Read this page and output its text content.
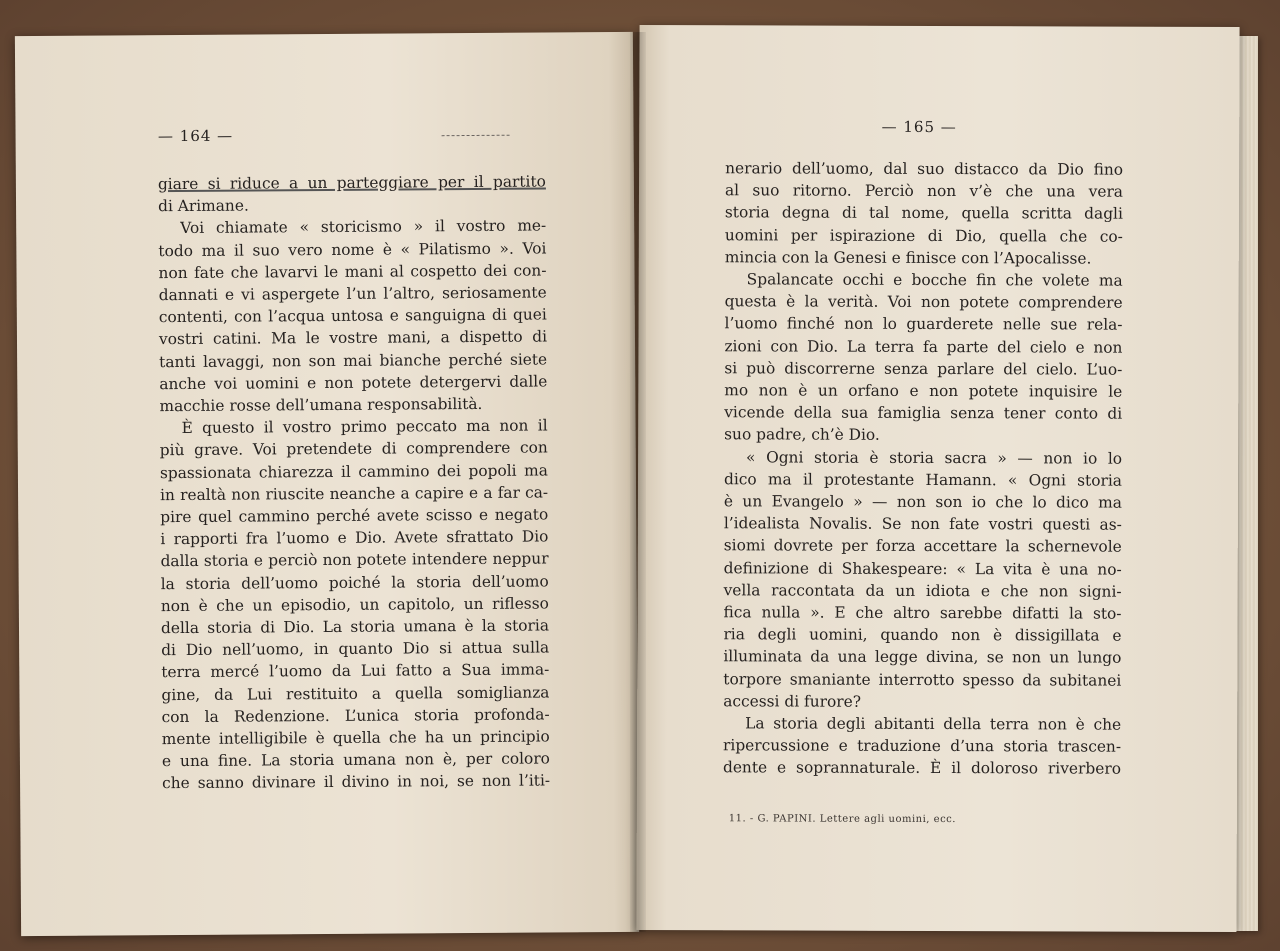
— 164 —
giare si riduce a un parteggiare per il partito
di Arimane.
Voi chiamate « storicismo » il vostro me-
todo ma il suo vero nome è « Pilatismo ». Voi
non fate che lavarvi le mani al cospetto dei con-
dannati e vi aspergete l’un l’altro, seriosamente
contenti, con l’acqua untosa e sanguigna di quei
vostri catini. Ma le vostre mani, a dispetto di
tanti lavaggi, non son mai bianche perché siete
anche voi uomini e non potete detergervi dalle
macchie rosse dell’umana responsabilità.
È questo il vostro primo peccato ma non il
più grave. Voi pretendete di comprendere con
spassionata chiarezza il cammino dei popoli ma
in realtà non riuscite neanche a capire e a far ca-
pire quel cammino perché avete scisso e negato
i rapporti fra l’uomo e Dio. Avete sfrattato Dio
dalla storia e perciò non potete intendere neppur
la storia dell’uomo poiché la storia dell’uomo
non è che un episodio, un capitolo, un riflesso
della storia di Dio. La storia umana è la storia
di Dio nell’uomo, in quanto Dio si attua sulla
terra mercé l’uomo da Lui fatto a Sua imma-
gine, da Lui restituito a quella somiglianza
con la Redenzione. L’unica storia profonda-
mente intelligibile è quella che ha un principio
e una fine. La storia umana non è, per coloro
che sanno divinare il divino in noi, se non l’iti-
— 165 —
nerario dell’uomo, dal suo distacco da Dio fino
al suo ritorno. Perciò non v’è che una vera
storia degna di tal nome, quella scritta dagli
uomini per ispirazione di Dio, quella che co-
mincia con la Genesi e finisce con l’Apocalisse.
Spalancate occhi e bocche fin che volete ma
questa è la verità. Voi non potete comprendere
l’uomo finché non lo guarderete nelle sue rela-
zioni con Dio. La terra fa parte del cielo e non
si può discorrerne senza parlare del cielo. L’uo-
mo non è un orfano e non potete inquisire le
vicende della sua famiglia senza tener conto di
suo padre, ch’è Dio.
« Ogni storia è storia sacra » — non io lo
dico ma il protestante Hamann. « Ogni storia
è un Evangelo » — non son io che lo dico ma
l’idealista Novalis. Se non fate vostri questi as-
siomi dovrete per forza accettare la schernevole
definizione di Shakespeare: « La vita è una no-
vella raccontata da un idiota e che non signi-
fica nulla ». E che altro sarebbe difatti la sto-
ria degli uomini, quando non è dissigillata e
illuminata da una legge divina, se non un lungo
torpore smaniante interrotto spesso da subitanei
accessi di furore?
La storia degli abitanti della terra non è che
ripercussione e traduzione d’una storia trascen-
dente e soprannaturale. È il doloroso riverbero
11. - G. PAPINI. Lettere agli uomini, ecc.
